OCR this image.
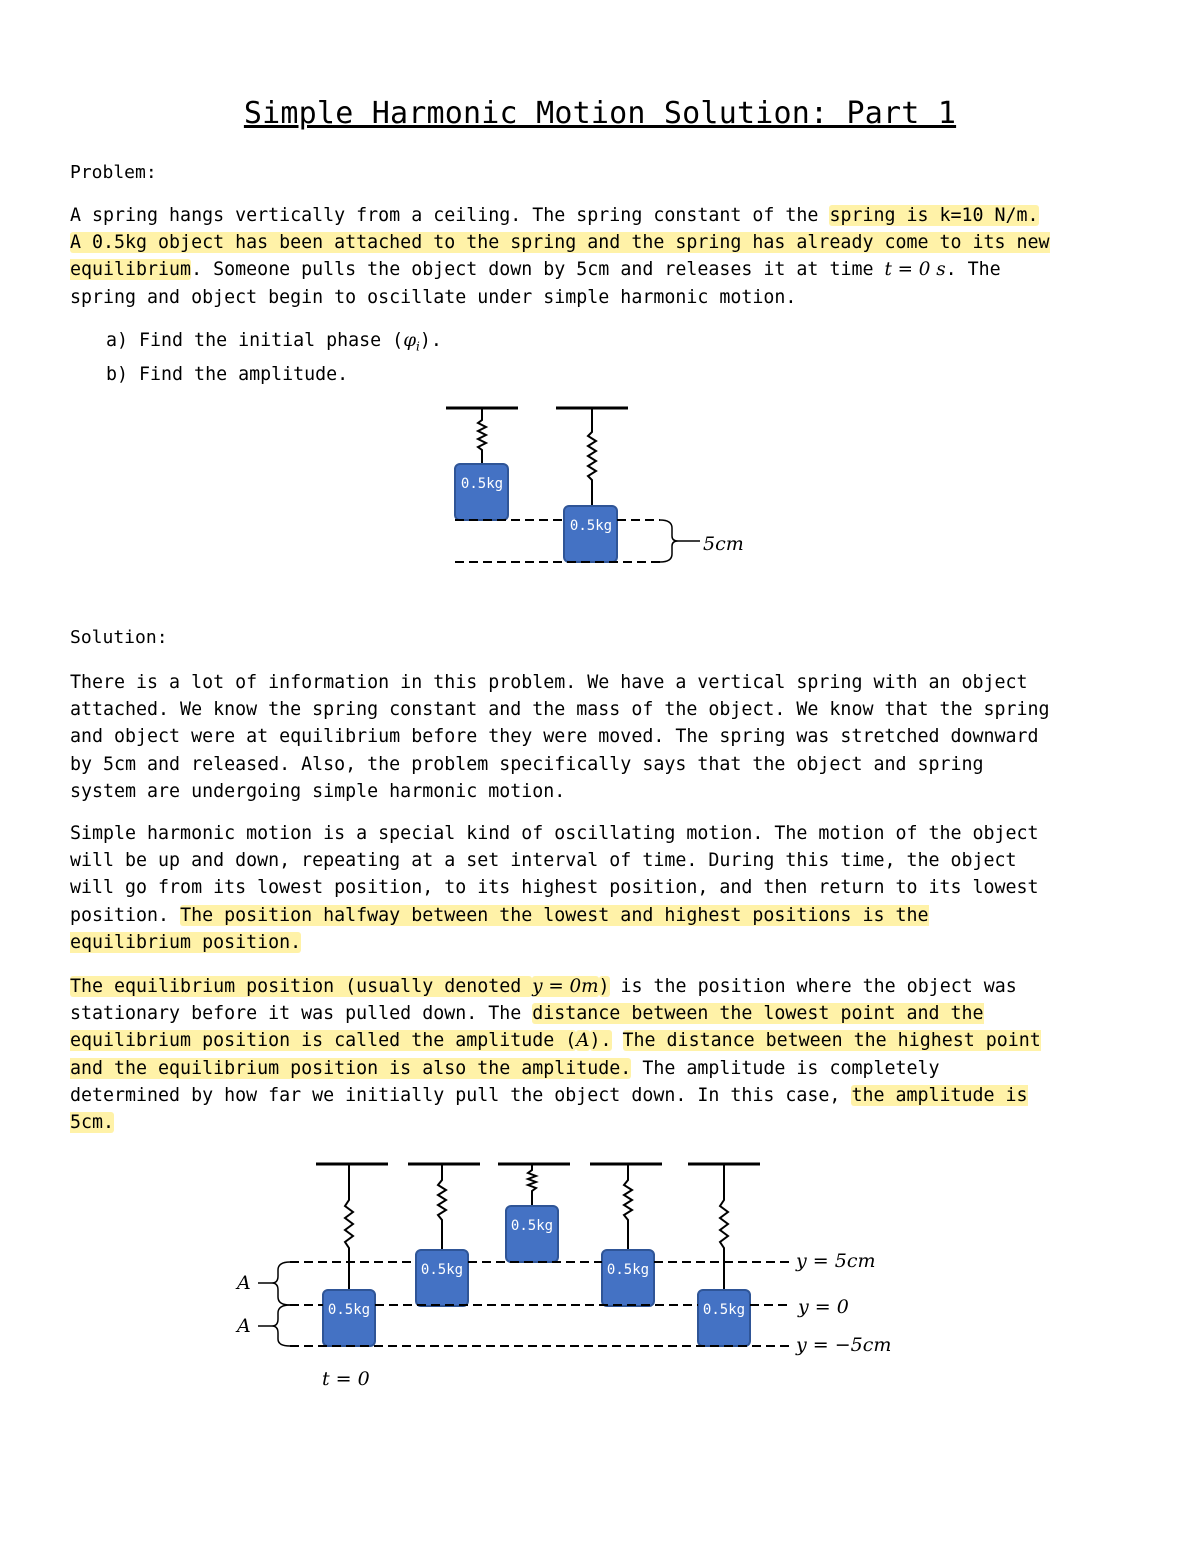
Simple Harmonic Motion Solution: Part 1
Problem:
A spring hangs vertically from a ceiling. The spring constant of the spring is k=10 N/m.
A 0.5kg object has been attached to the spring and the spring has already come to its new
equilibrium. Someone pulls the object down by 5cm and releases it at time t = 0 s. The
spring and object begin to oscillate under simple harmonic motion.
a) Find the initial phase $(\varphi_i)$.
b) Find the amplitude.
0.5kg
0.5kg
5cm
Solution:
There is a lot of information in this problem. We have a vertical spring with an object
attached. We know the spring constant and the mass of the object. We know that the spring
and object were at equilibrium before they were moved. The spring was stretched downward
by 5cm and released. Also, the problem specifically says that the object and spring
system are undergoing simple harmonic motion.
Simple harmonic motion is a special kind of oscillating motion. The motion of the object
will be up and down, repeating at a set interval of time. During this time, the object
will go from its lowest position, to its highest position, and then return to its lowest
position. The position halfway between the lowest and highest positions is the
equilibrium position.
The equilibrium position (usually denoted y = 0m) is the position where the object was
stationary before it was pulled down. The distance between the lowest point and the
equilibrium position is called the amplitude (A). The distance between the highest point
and the equilibrium position is also the amplitude. The amplitude is completely
determined by how far we initially pull the object down. In this case, the amplitude is
5cm.
0.5kg
0.5kg
0.5kg
0.5kg
0.5kg
A
A
y = 5cm
y = 0
y = −5cm
t = 0
